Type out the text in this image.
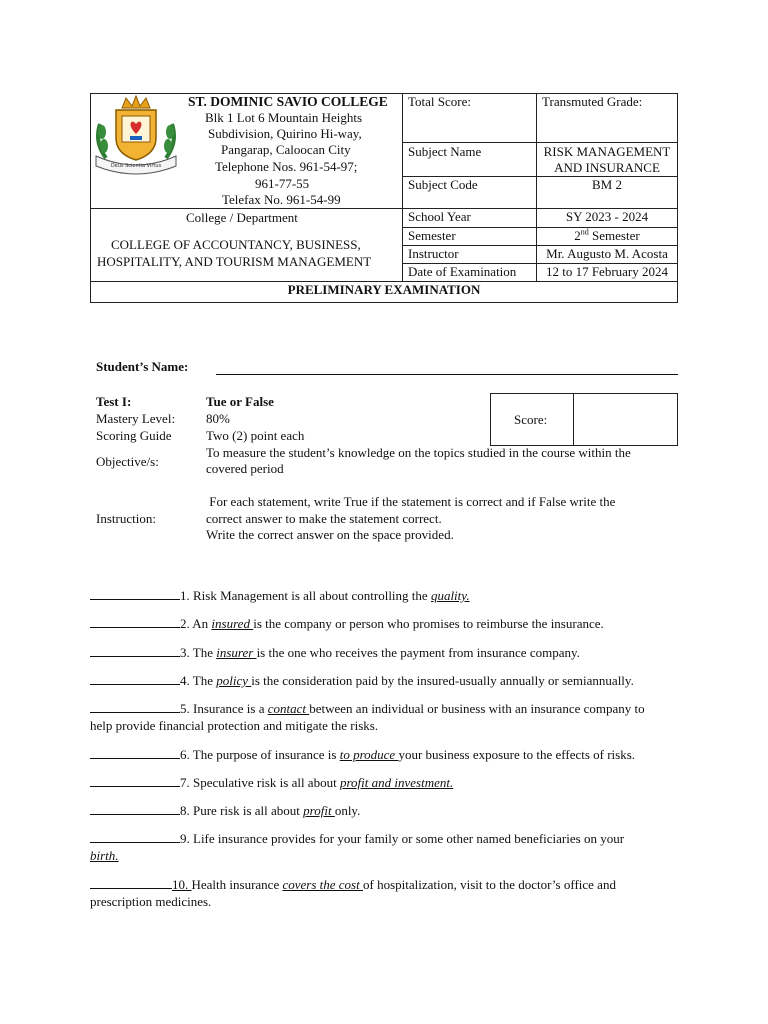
Deus Scientia Virtus
ST. DOMINIC SAVIO COLLEGE
Blk 1 Lot 6 Mountain Heights
Subdivision, Quirino Hi-way,
Pangarap, Caloocan City
Telephone Nos. 961-54-97;
961-77-55
Telefax No. 961-54-99
College / Department
COLLEGE OF ACCOUNTANCY, BUSINESS,
HOSPITALITY, AND TOURISM MANAGEMENT
PRELIMINARY EXAMINATION
Total Score:	Transmuted Grade:
Subject Name	RISK MANAGEMENT
AND INSURANCE
Subject Code	BM 2
School Year	SY 2023 - 2024
Semester	2nd Semester
Instructor	Mr. Augusto M. Acosta
Date of Examination	12 to 17 February 2024
Student’s Name:
Test I:	Tue or False
Mastery Level: 80%
Scoring Guide	Two (2) point each
Score:
Objective/s:
To measure the student’s knowledge on the topics studied in the course within the
covered period
Instruction:
For each statement, write True if the statement is correct and if False write the
correct answer to make the statement correct.
Write the correct answer on the space provided.
1. Risk Management is all about controlling the quality.
2. An insured is the company or person who promises to reimburse the insurance.
3. The insurer is the one who receives the payment from insurance company.
4. The policy is the consideration paid by the insured-usually annually or semiannually.
5. Insurance is a contact between an individual or business with an insurance company to
help provide financial protection and mitigate the risks.
6. The purpose of insurance is to produce your business exposure to the effects of risks.
7. Speculative risk is all about profit and investment.
8. Pure risk is all about profit only.
9. Life insurance provides for your family or some other named beneficiaries on your
birth.
10. Health insurance covers the cost of hospitalization, visit to the doctor’s office and
prescription medicines.
